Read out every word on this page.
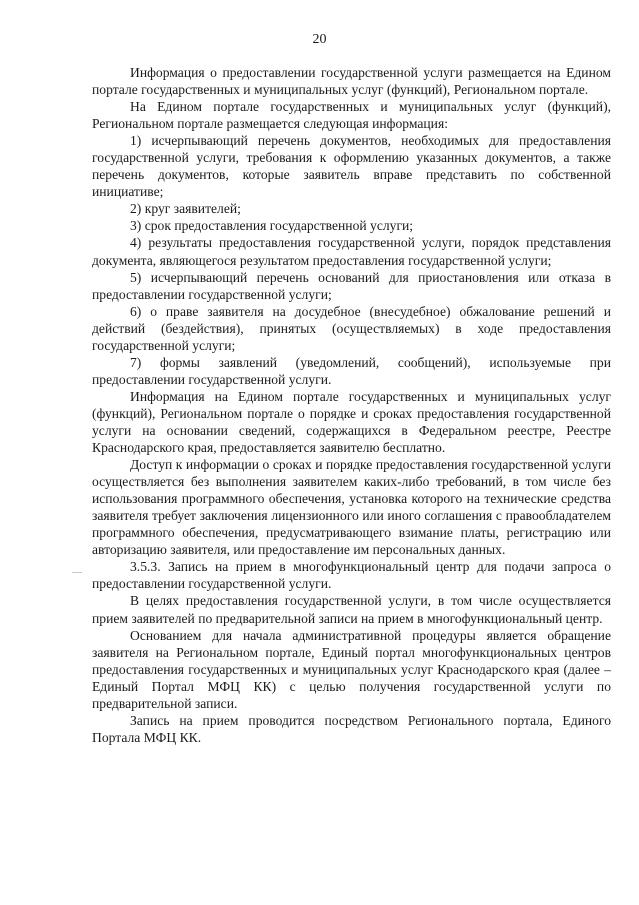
20

Информация о предоставлении государственной услуги размещается на Едином портале государственных и муниципальных услуг (функций), Региональном портале.

На Едином портале государственных и муниципальных услуг (функций), Региональном портале размещается следующая информация:

1) исчерпывающий перечень документов, необходимых для предоставления государственной услуги, требования к оформлению указанных документов, а также перечень документов, которые заявитель вправе представить по собственной инициативе;

2) круг заявителей;

3) срок предоставления государственной услуги;

4) результаты предоставления государственной услуги, порядок представления документа, являющегося результатом предоставления государственной услуги;

5) исчерпывающий перечень оснований для приостановления или отказа в предоставлении государственной услуги;

6) о праве заявителя на досудебное (внесудебное) обжалование решений и действий (бездействия), принятых (осуществляемых) в ходе предоставления государственной услуги;

7) формы заявлений (уведомлений, сообщений), используемые при предоставлении государственной услуги.

Информация на Едином портале государственных и муниципальных услуг (функций), Региональном портале о порядке и сроках предоставления государственной услуги на основании сведений, содержащихся в Федеральном реестре, Реестре Краснодарского края, предоставляется заявителю бесплатно.

Доступ к информации о сроках и порядке предоставления государственной услуги осуществляется без выполнения заявителем каких-либо требований, в том числе без использования программного обеспечения, установка которого на технические средства заявителя требует заключения лицензионного или иного соглашения с правообладателем программного обеспечения, предусматривающего взимание платы, регистрацию или авторизацию заявителя, или предоставление им персональных данных.

3.5.3. Запись на прием в многофункциональный центр для подачи запроса о предоставлении государственной услуги.

В целях предоставления государственной услуги, в том числе осуществляется прием заявителей по предварительной записи на прием в многофункциональный центр.

Основанием для начала административной процедуры является обращение заявителя на Региональном портале, Единый портал многофункциональных центров предоставления государственных и муниципальных услуг Краснодарского края (далее – Единый Портал МФЦ КК) с целью получения государственной услуги по предварительной записи.

Запись на прием проводится посредством Регионального портала, Единого Портала МФЦ КК.
